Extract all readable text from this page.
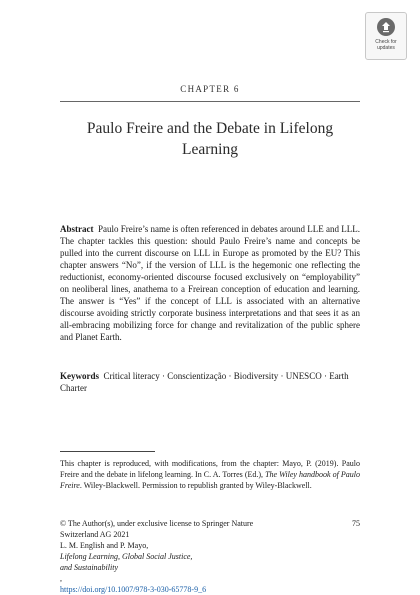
Check for
updates
CHAPTER 6
Paulo Freire and the Debate in Lifelong
Learning

Abstract Paulo Freire’s name is often referenced in debates around LLE and LLL. The chapter tackles this question: should Paulo Freire’s name and concepts be pulled into the current discourse on LLL in Europe as promoted by the EU? This chapter answers “No”, if the version of LLL is the hegemonic one reflecting the reductionist, economy-oriented discourse focused exclusively on “employability” on neoliberal lines, anathema to a Freirean conception of education and learning. The answer is “Yes” if the concept of LLL is associated with an alternative discourse avoiding strictly corporate business interpretations and that sees it as an all-embracing mobilizing force for change and revitalization of the public sphere and Planet Earth.

Keywords Critical literacy · Conscientização · Biodiversity · UNESCO · Earth Charter

This chapter is reproduced, with modifications, from the chapter: Mayo, P. (2019). Paulo Freire and the debate in lifelong learning. In C. A. Torres (Ed.), The Wiley handbook of Paulo Freire. Wiley-Blackwell. Permission to republish granted by Wiley-Blackwell.

© The Author(s), under exclusive license to Springer Nature
Switzerland AG 2021
L. M. English and P. Mayo,
Lifelong Learning, Global Social Justice,
and Sustainability
,
https://doi.org/10.1007/978-3-030-65778-9_6
75
